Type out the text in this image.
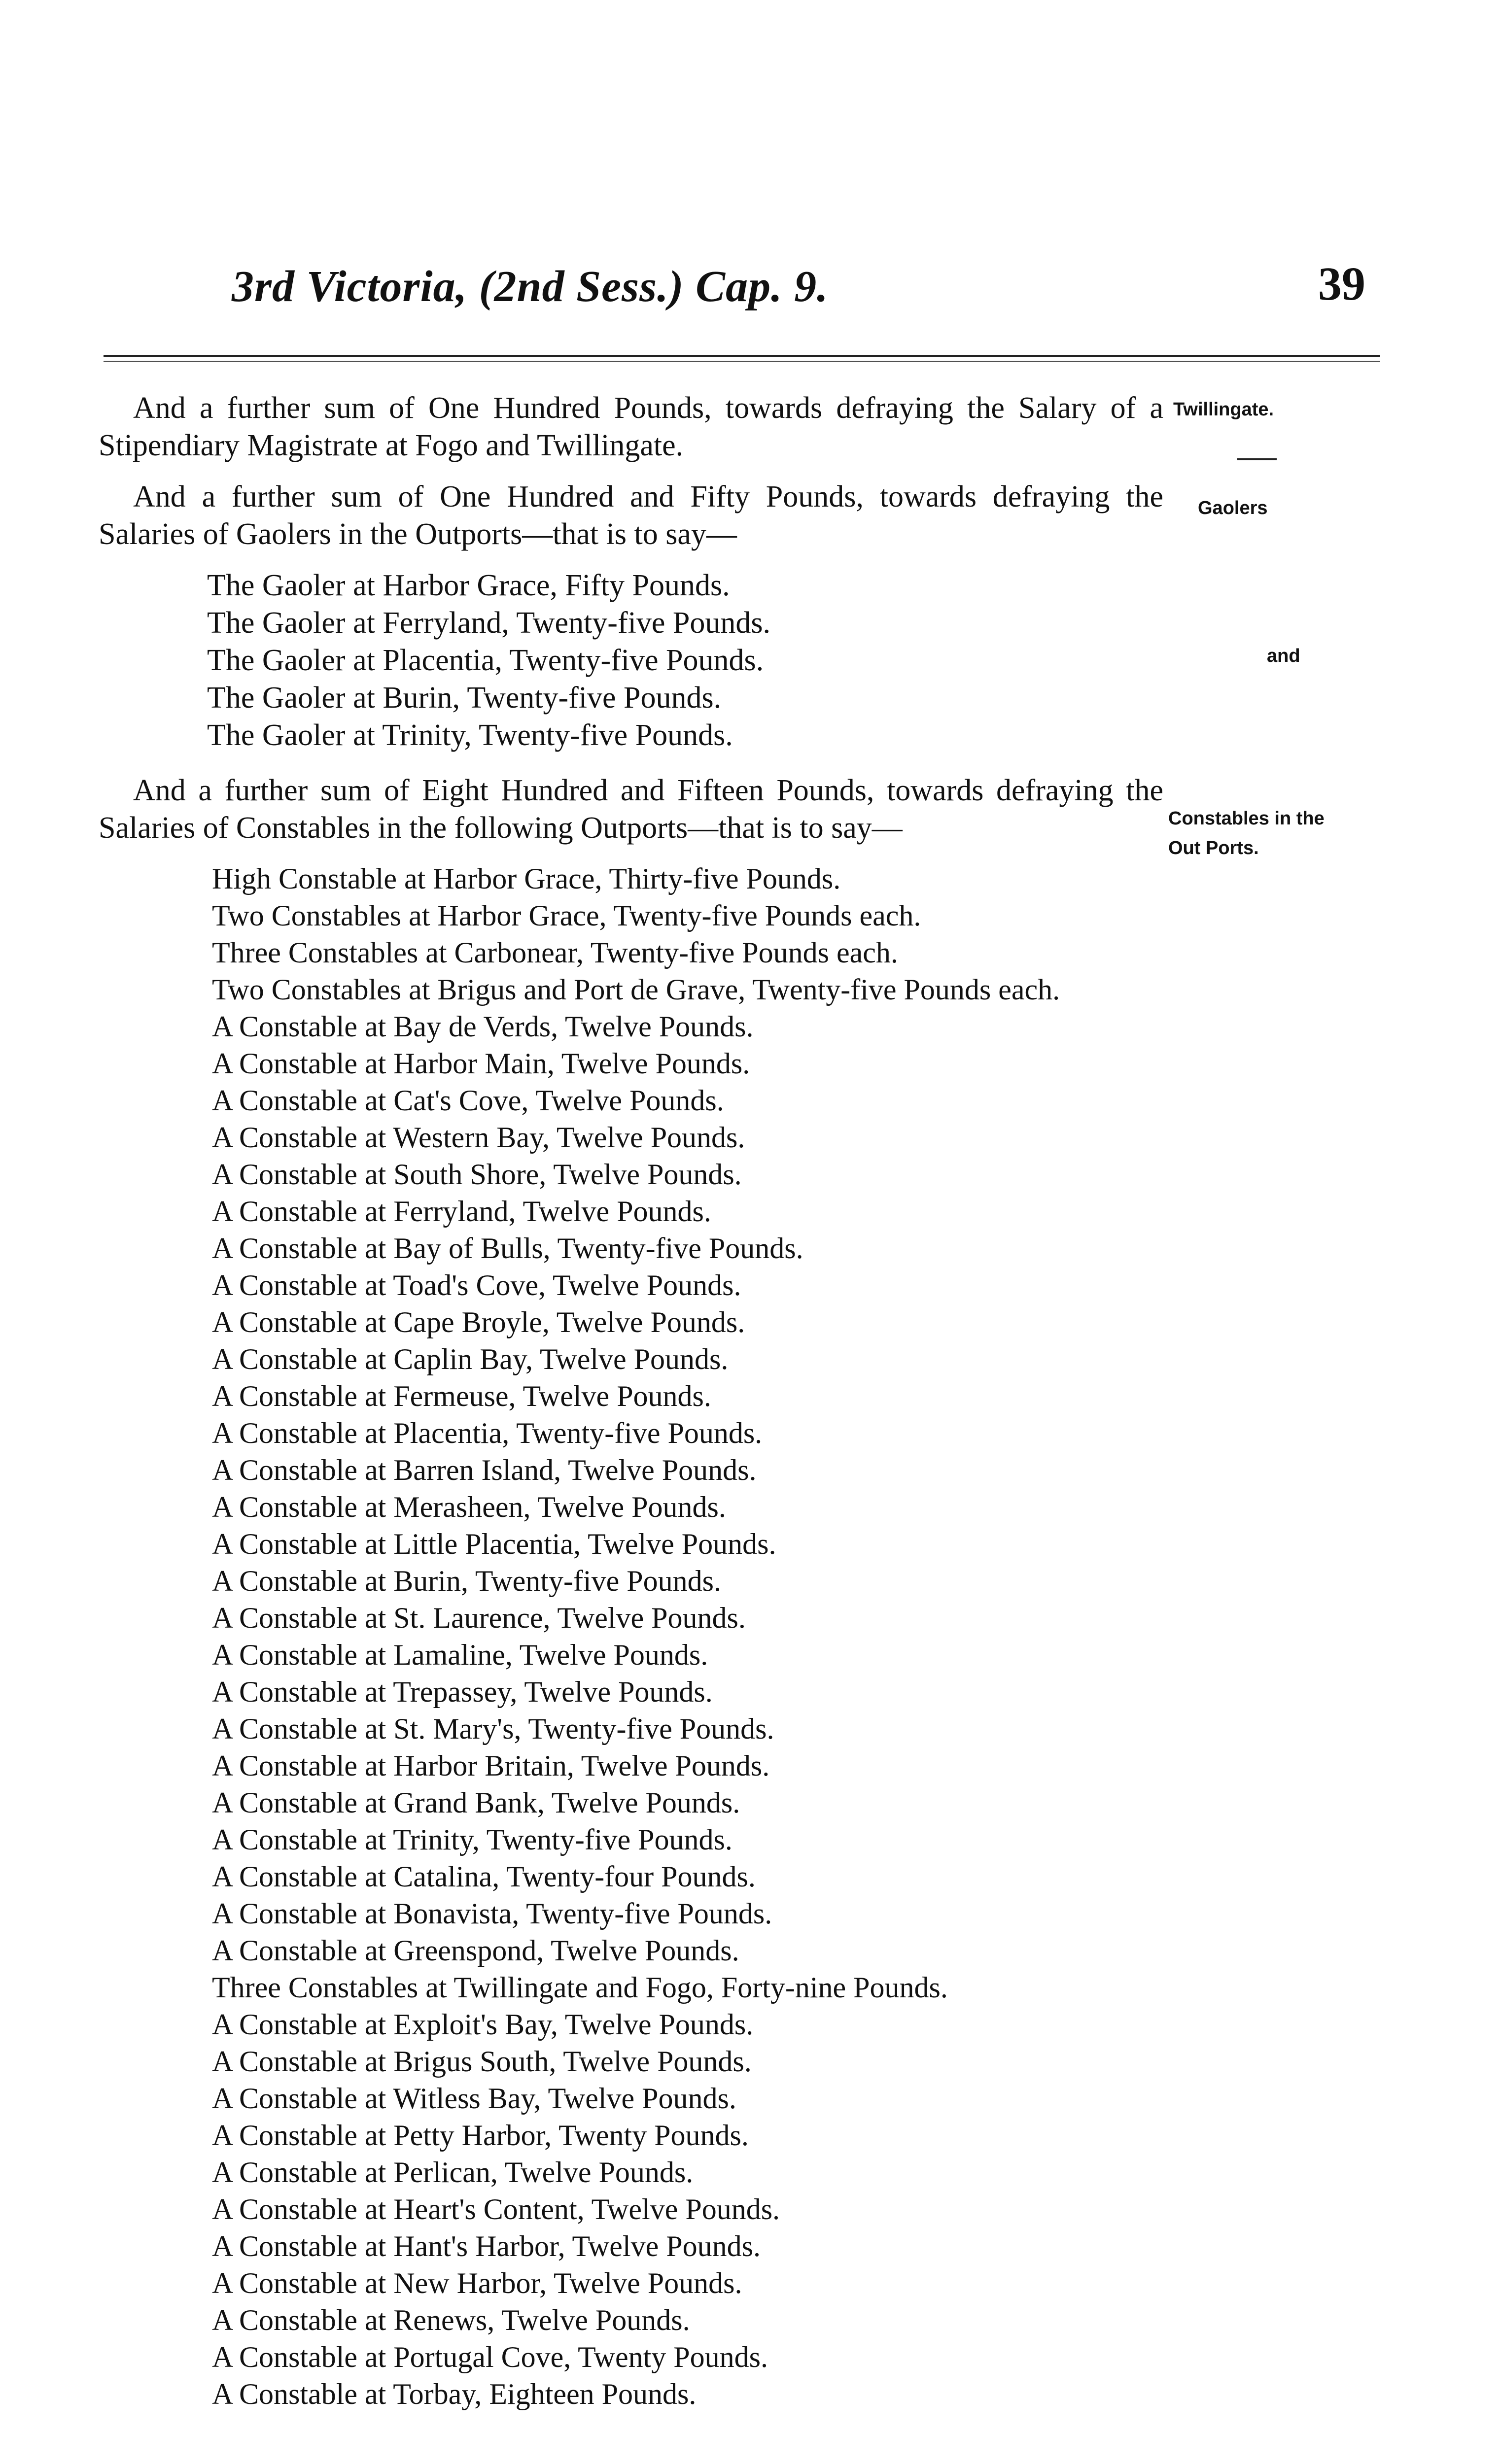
3rd Victoria, (2nd Sess.) Cap. 9.	39

And a further sum of One Hundred Pounds, towards defraying the Salary of a Stipendiary Magistrate at Fogo and Twillingate.

And a further sum of One Hundred and Fifty Pounds, towards defraying the Salaries of Gaolers in the Outports—that is to say—

The Gaoler at Harbor Grace, Fifty Pounds.
The Gaoler at Ferryland, Twenty-five Pounds.
The Gaoler at Placentia, Twenty-five Pounds.
The Gaoler at Burin, Twenty-five Pounds.
The Gaoler at Trinity, Twenty-five Pounds.

And a further sum of Eight Hundred and Fifteen Pounds, towards defraying the Salaries of Constables in the following Outports—that is to say—

High Constable at Harbor Grace, Thirty-five Pounds.
Two Constables at Harbor Grace, Twenty-five Pounds each.
Three Constables at Carbonear, Twenty-five Pounds each.
Two Constables at Brigus and Port de Grave, Twenty-five Pounds each.
A Constable at Bay de Verds, Twelve Pounds.
A Constable at Harbor Main, Twelve Pounds.
A Constable at Cat's Cove, Twelve Pounds.
A Constable at Western Bay, Twelve Pounds.
A Constable at South Shore, Twelve Pounds.
A Constable at Ferryland, Twelve Pounds.
A Constable at Bay of Bulls, Twenty-five Pounds.
A Constable at Toad's Cove, Twelve Pounds.
A Constable at Cape Broyle, Twelve Pounds.
A Constable at Caplin Bay, Twelve Pounds.
A Constable at Fermeuse, Twelve Pounds.
A Constable at Placentia, Twenty-five Pounds.
A Constable at Barren Island, Twelve Pounds.
A Constable at Merasheen, Twelve Pounds.
A Constable at Little Placentia, Twelve Pounds.
A Constable at Burin, Twenty-five Pounds.
A Constable at St. Laurence, Twelve Pounds.
A Constable at Lamaline, Twelve Pounds.
A Constable at Trepassey, Twelve Pounds.
A Constable at St. Mary's, Twenty-five Pounds.
A Constable at Harbor Britain, Twelve Pounds.
A Constable at Grand Bank, Twelve Pounds.
A Constable at Trinity, Twenty-five Pounds.
A Constable at Catalina, Twenty-four Pounds.
A Constable at Bonavista, Twenty-five Pounds.
A Constable at Greenspond, Twelve Pounds.
Three Constables at Twillingate and Fogo, Forty-nine Pounds.
A Constable at Exploit's Bay, Twelve Pounds.
A Constable at Brigus South, Twelve Pounds.
A Constable at Witless Bay, Twelve Pounds.
A Constable at Petty Harbor, Twenty Pounds.
A Constable at Perlican, Twelve Pounds.
A Constable at Heart's Content, Twelve Pounds.
A Constable at Hant's Harbor, Twelve Pounds.
A Constable at New Harbor, Twelve Pounds.
A Constable at Renews, Twelve Pounds.
A Constable at Portugal Cove, Twenty Pounds.
A Constable at Torbay, Eighteen Pounds.
Twillingate.
Gaolers
and
Constables in the
Out Ports.
